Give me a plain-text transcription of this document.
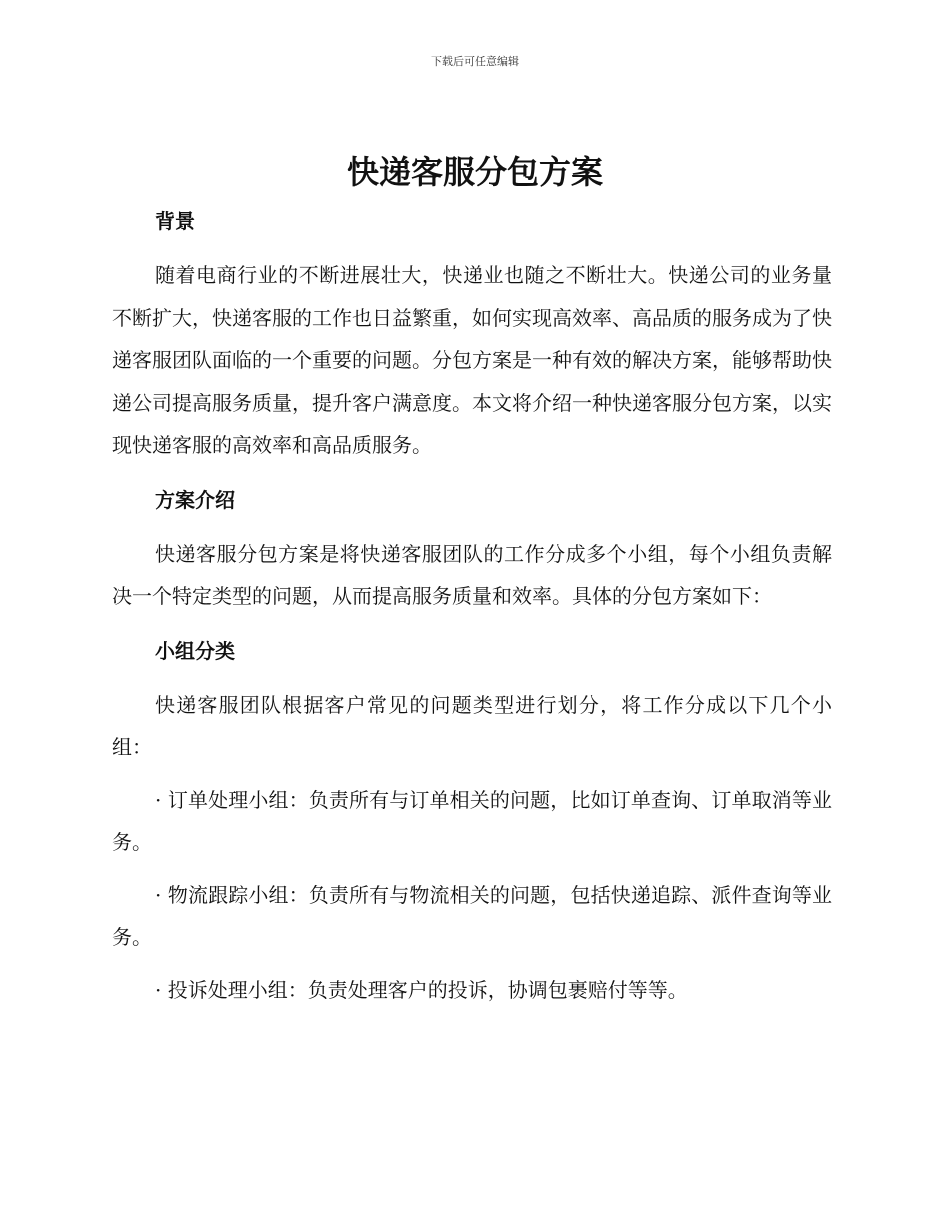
下载后可任意编辑
快递客服分包方案
背景

随着电商行业的不断进展壮大，快递业也随之不断壮大。快递公司的业务量不断扩大，快递客服的工作也日益繁重，如何实现高效率、高品质的服务成为了快递客服团队面临的一个重要的问题。分包方案是一种有效的解决方案，能够帮助快递公司提高服务质量，提升客户满意度。本文将介绍一种快递客服分包方案，以实现快递客服的高效率和高品质服务。

方案介绍

快递客服分包方案是将快递客服团队的工作分成多个小组，每个小组负责解决一个特定类型的问题，从而提高服务质量和效率。具体的分包方案如下：

小组分类

快递客服团队根据客户常见的问题类型进行划分，将工作分成以下几个小组：

· 订单处理小组：负责所有与订单相关的问题，比如订单查询、订单取消等业务。

· 物流跟踪小组：负责所有与物流相关的问题，包括快递追踪、派件查询等业务。

· 投诉处理小组：负责处理客户的投诉，协调包裹赔付等等。
